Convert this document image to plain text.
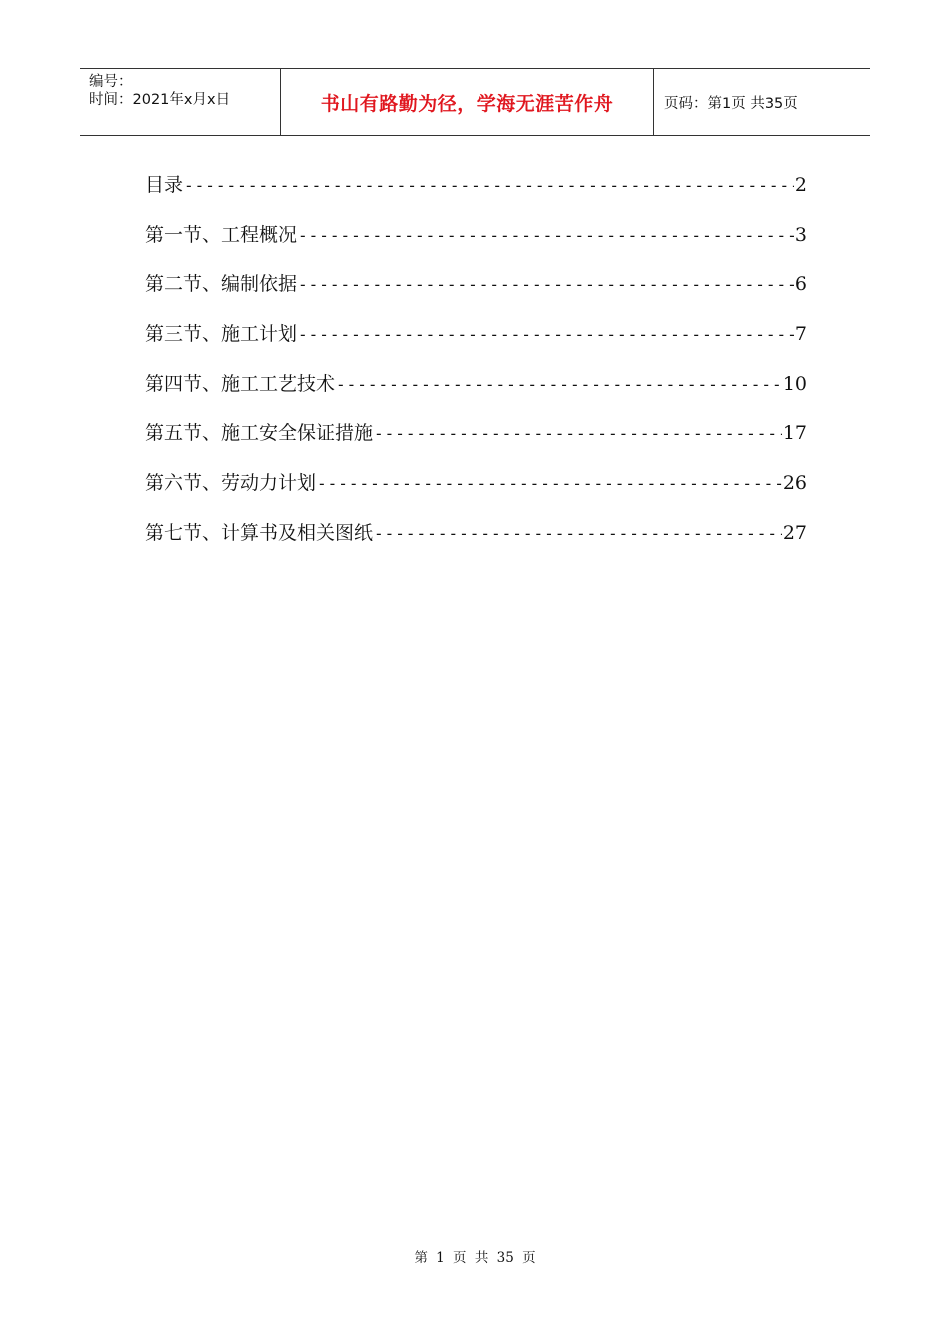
编号：
时间：2021年x月x日	书山有路勤为径，学海无涯苦作舟	页码：第1页 共35页
目录 -----	2
第一节、工程概况 -----	3
第二节、编制依据 -----	6
第三节、施工计划 -----	7
第四节、施工工艺技术 -----	10
第五节、施工安全保证措施 -----	17
第六节、劳动力计划 -----	26
第七节、计算书及相关图纸 -----	27
第 1 页 共 35 页
